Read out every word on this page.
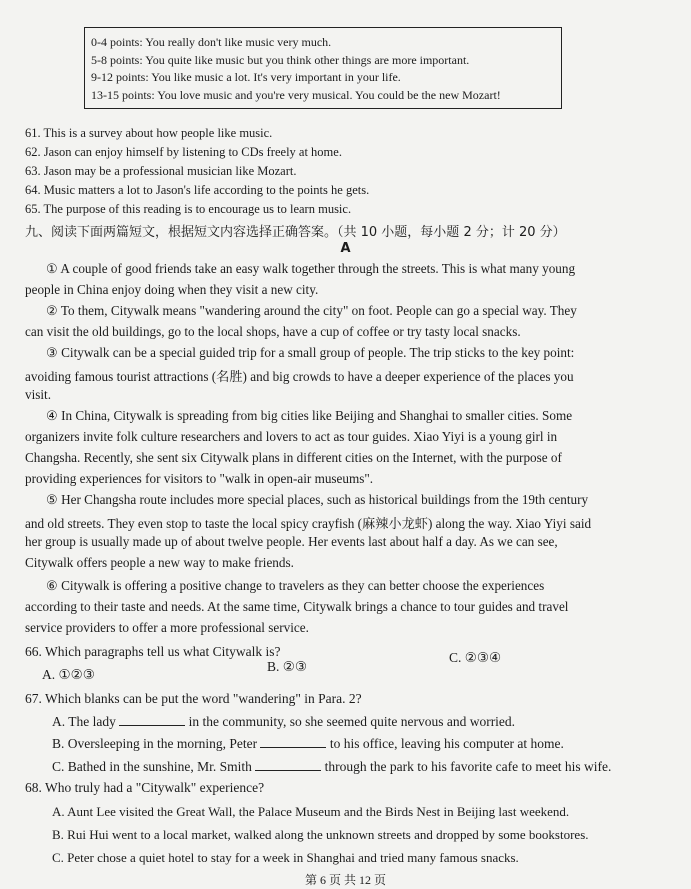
0-4 points: You really don't like music very much.
5-8 points: You quite like music but you think other things are more important.
9-12 points: You like music a lot. It's very important in your life.
13-15 points: You love music and you're very musical. You could be the new Mozart!
61. This is a survey about how people like music.
62. Jason can enjoy himself by listening to CDs freely at home.
63. Jason may be a professional musician like Mozart.
64. Music matters a lot to Jason's life according to the points he gets.
65. The purpose of this reading is to encourage us to learn music.
九、阅读下面两篇短文，根据短文内容选择正确答案。（共 10 小题，每小题 2 分；计 20 分）
A
① A couple of good friends take an easy walk together through the streets. This is what many young
people in China enjoy doing when they visit a new city.
② To them, Citywalk means "wandering around the city" on foot. People can go a special way. They
can visit the old buildings, go to the local shops, have a cup of coffee or try tasty local snacks.
③ Citywalk can be a special guided trip for a small group of people. The trip sticks to the key point:
avoiding famous tourist attractions (名胜) and big crowds to have a deeper experience of the places you
visit.
④ In China, Citywalk is spreading from big cities like Beijing and Shanghai to smaller cities. Some
organizers invite folk culture researchers and lovers to act as tour guides. Xiao Yiyi is a young girl in
Changsha. Recently, she sent six Citywalk plans in different cities on the Internet, with the purpose of
providing experiences for visitors to "walk in open-air museums".
⑤ Her Changsha route includes more special places, such as historical buildings from the 19th century
and old streets. They even stop to taste the local spicy crayfish (麻辣小龙虾) along the way. Xiao Yiyi said
her group is usually made up of about twelve people. Her events last about half a day. As we can see,
Citywalk offers people a new way to make friends.
⑥ Citywalk is offering a positive change to travelers as they can better choose the experiences
according to their taste and needs. At the same time, Citywalk brings a chance to tour guides and travel
service providers to offer a more professional service.
66. Which paragraphs tell us what Citywalk is?
B. ②③
C. ②③④
A. ①②③
67. Which blanks can be put the word "wandering" in Para. 2?
A. The lady	in the community, so she seemed quite nervous and worried.
B. Oversleeping in the morning, Peter	to his office, leaving his computer at home.
C. Bathed in the sunshine, Mr. Smith	through the park to his favorite cafe to meet his wife.
68. Who truly had a "Citywalk" experience?
A. Aunt Lee visited the Great Wall, the Palace Museum and the Birds Nest in Beijing last weekend.
B. Rui Hui went to a local market, walked along the unknown streets and dropped by some bookstores.
C. Peter chose a quiet hotel to stay for a week in Shanghai and tried many famous snacks.
第 6 页 共 12 页
